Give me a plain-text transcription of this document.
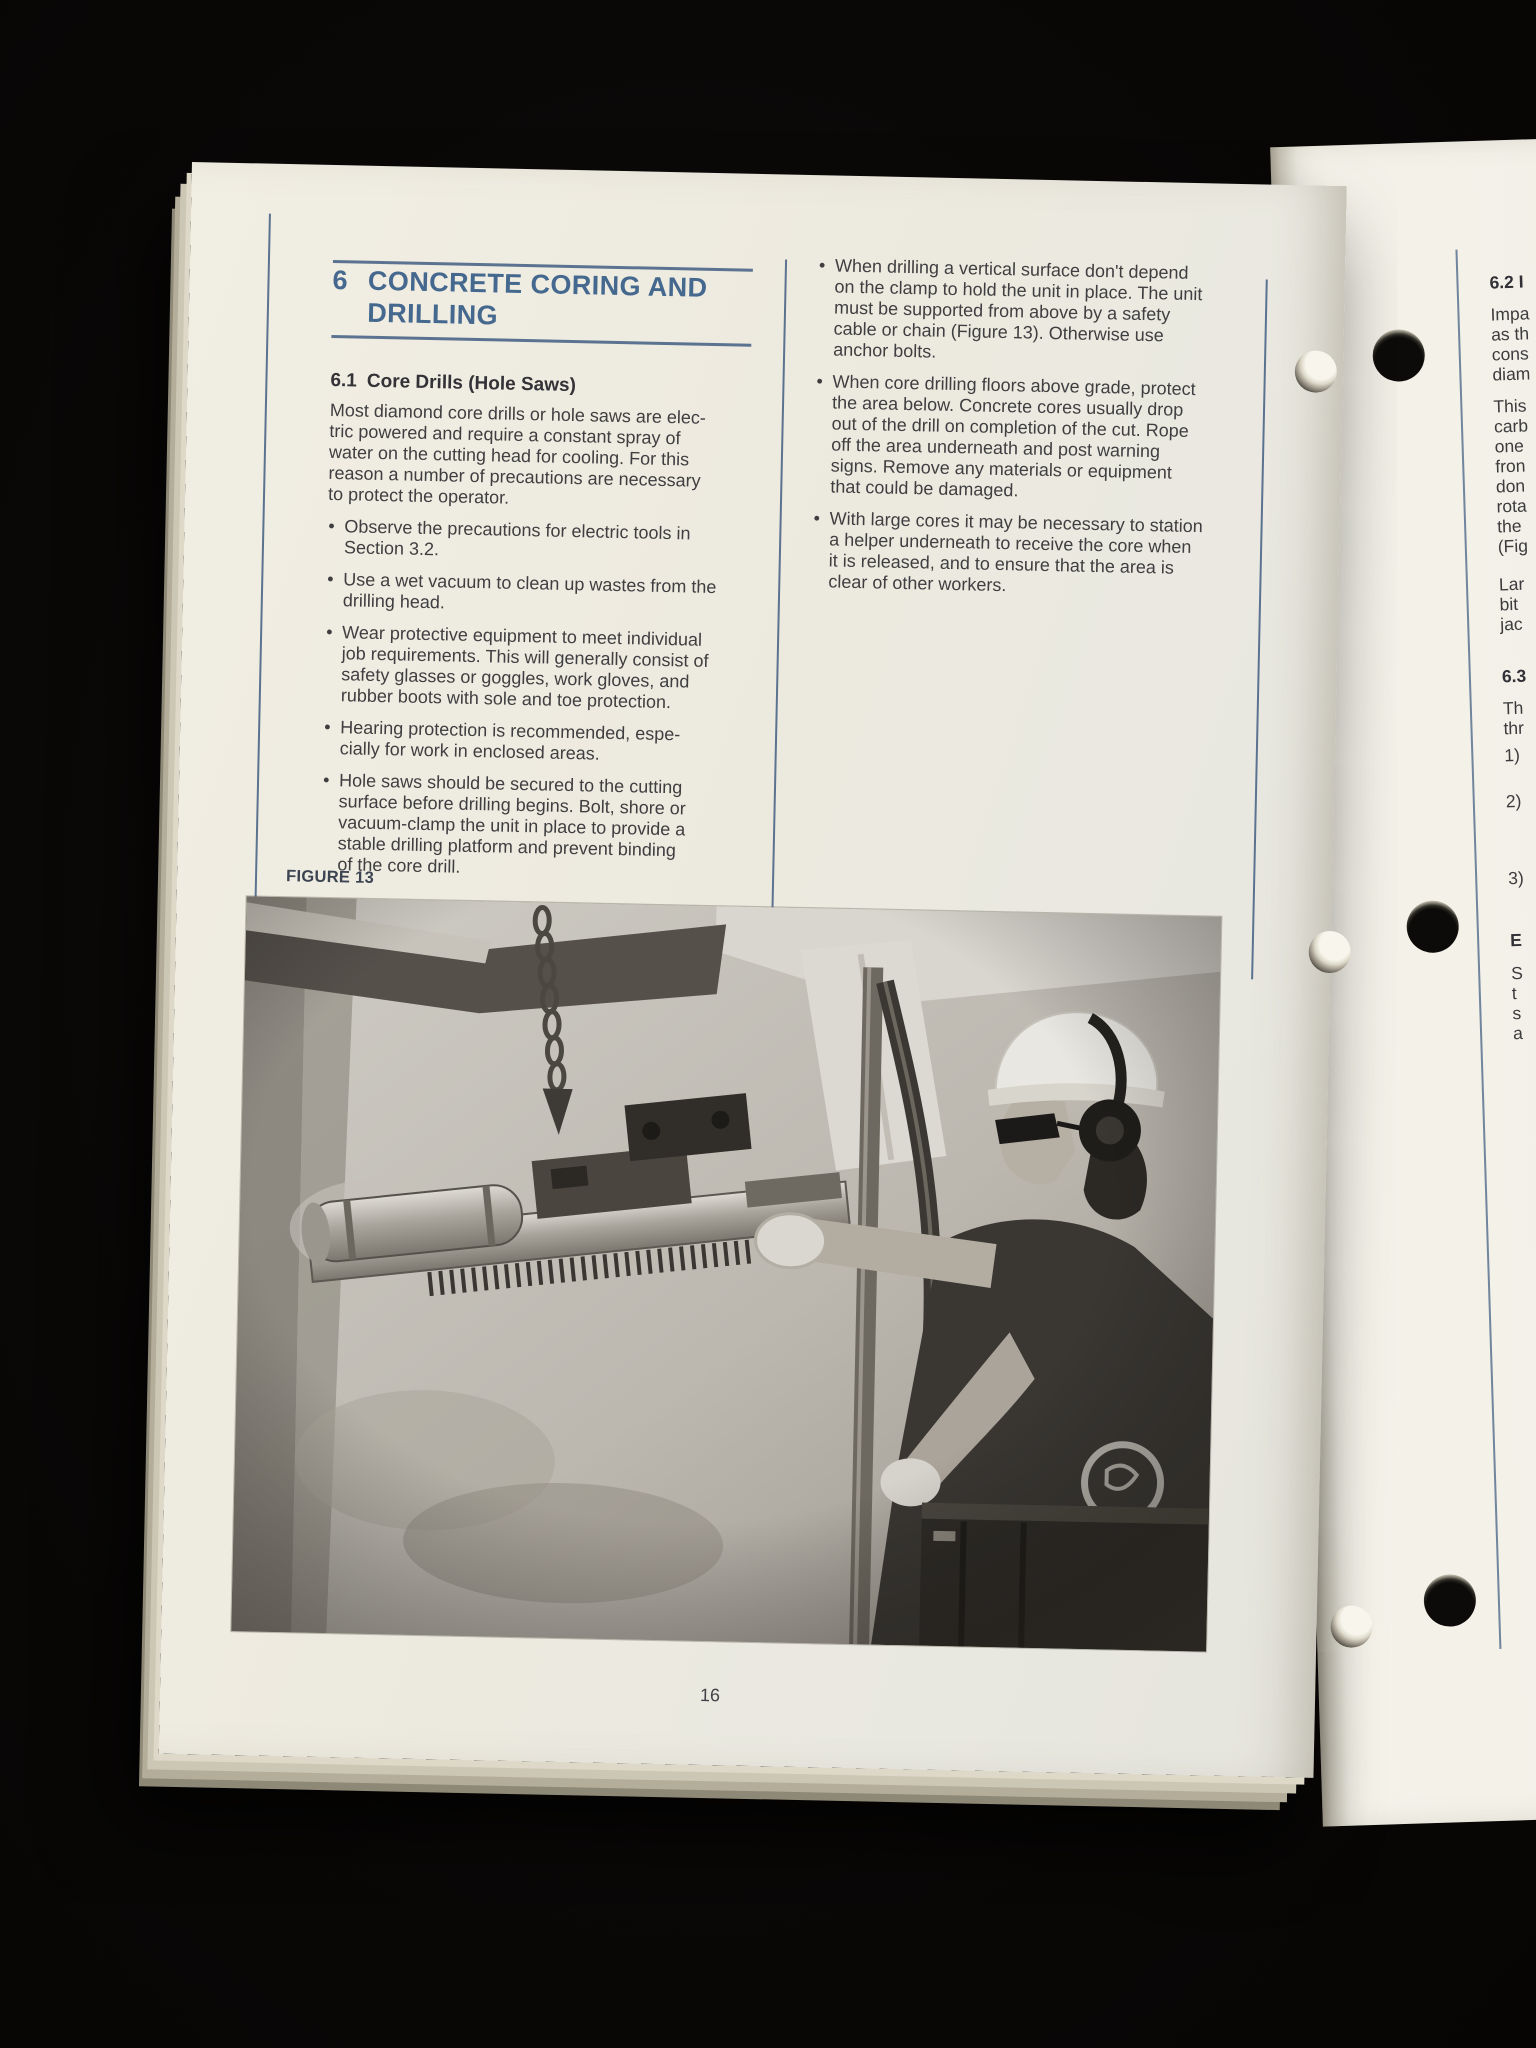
6.2 I
Impa
as th
cons
diam
This
carb
one
fron
don
rota
the
(Fig
Lar
bit
jac
6.3
Th
thr
1)
2)
3)
E
S
t
s
a
6 CONCRETE CORING AND
DRILLING

6.1 Core Drills (Hole Saws)

Most diamond core drills or hole saws are elec-
tric powered and require a constant spray of
water on the cutting head for cooling. For this
reason a number of precautions are necessary
to protect the operator.

• Observe the precautions for electric tools in
Section 3.2.
• Use a wet vacuum to clean up wastes from the
drilling head.
• Wear protective equipment to meet individual
job requirements. This will generally consist of
safety glasses or goggles, work gloves, and
rubber boots with sole and toe protection.
• Hearing protection is recommended, espe-
cially for work in enclosed areas.
• Hole saws should be secured to the cutting
surface before drilling begins. Bolt, shore or
vacuum-clamp the unit in place to provide a
stable drilling platform and prevent binding
of the core drill.
• When drilling a vertical surface don't depend
on the clamp to hold the unit in place. The unit
must be supported from above by a safety
cable or chain (Figure 13). Otherwise use
anchor bolts.
• When core drilling floors above grade, protect
the area below. Concrete cores usually drop
out of the drill on completion of the cut. Rope
off the area underneath and post warning
signs. Remove any materials or equipment
that could be damaged.
• With large cores it may be necessary to station
a helper underneath to receive the core when
it is released, and to ensure that the area is
clear of other workers.
FIGURE 13
16
